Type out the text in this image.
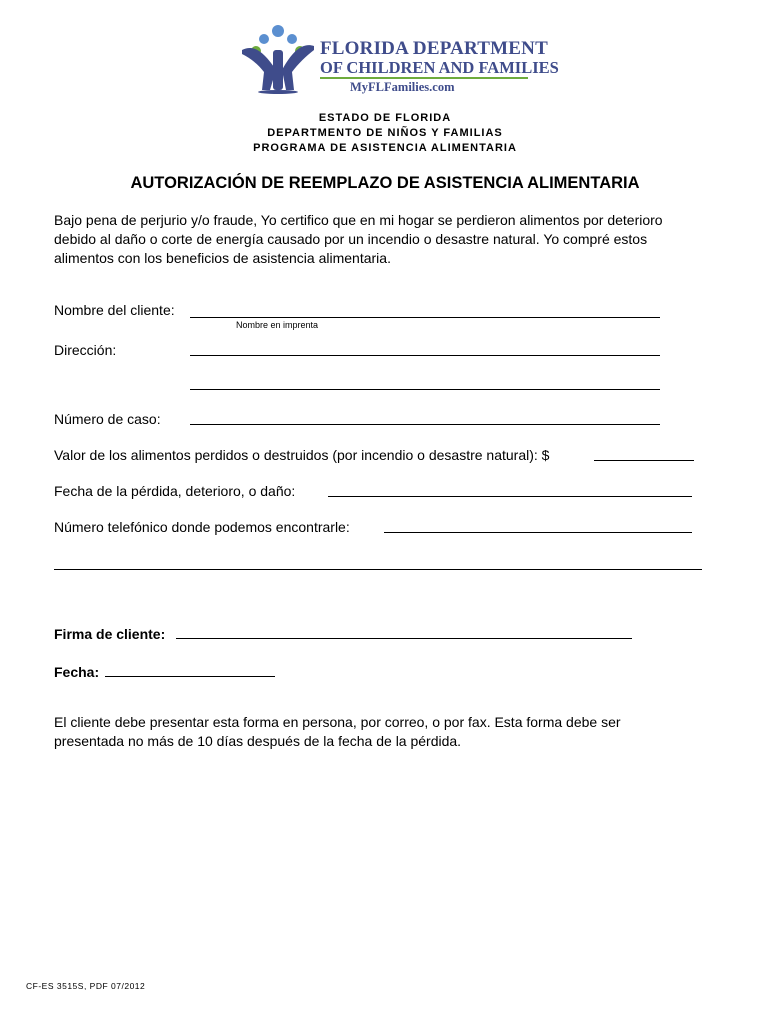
FLORIDA DEPARTMENT
OF CHILDREN AND FAMILIES
MyFLFamilies.com
ESTADO DE FLORIDA
DEPARTMENTO DE NIÑOS Y FAMILIAS
PROGRAMA DE ASISTENCIA ALIMENTARIA
AUTORIZACIÓN DE REEMPLAZO DE ASISTENCIA ALIMENTARIA
Bajo pena de perjurio y/o fraude, Yo certifico que en mi hogar se perdieron alimentos por deterioro
debido al daño o corte de energía causado por un incendio o desastre natural. Yo compré estos
alimentos con los beneficios de asistencia alimentaria.
Nombre del cliente:
Nombre en imprenta
Dirección:
Número de caso:
Valor de los alimentos perdidos o destruidos (por incendio o desastre natural): $
Fecha de la pérdida, deterioro, o daño:
Número telefónico donde podemos encontrarle:
Firma de cliente:
Fecha:
El cliente debe presentar esta forma en persona, por correo, o por fax. Esta forma debe ser
presentada no más de 10 días después de la fecha de la pérdida.
CF-ES 3515S, PDF 07/2012
